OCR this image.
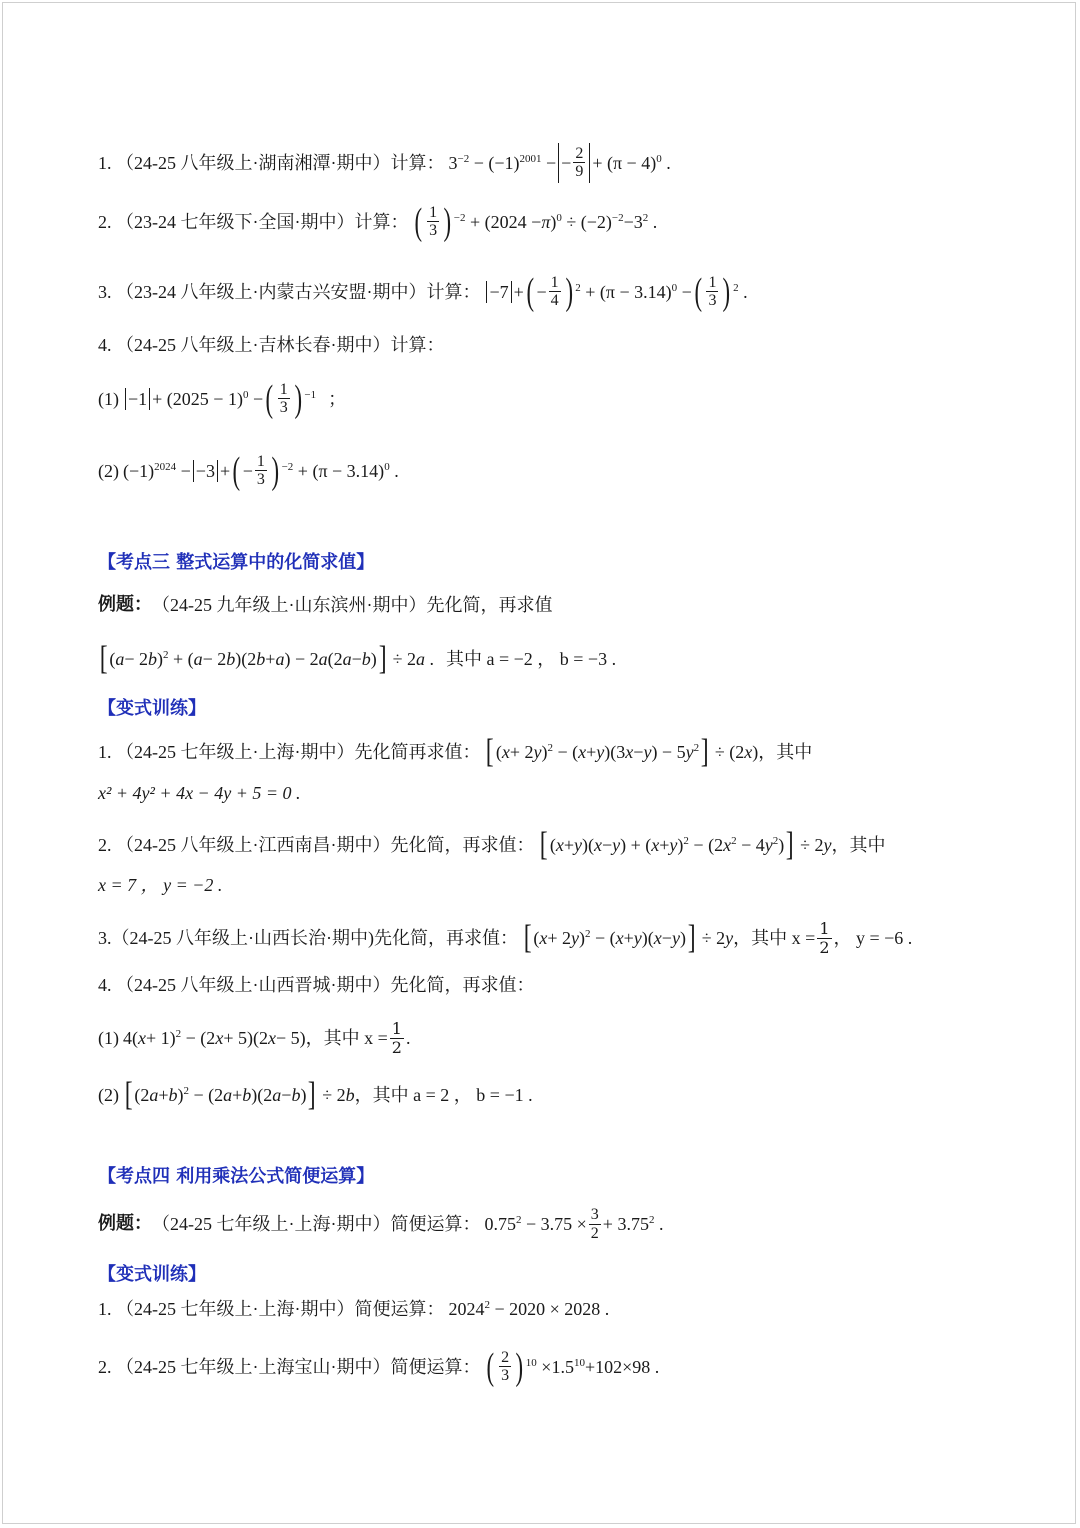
1. （24-25 八年级上·湖南湘潭·期中）计算： $3^{-2} - (-1)^{2001}$ − − $\frac{2}{9} + (\pi - 4)^0$ .
2. （23-24 七年级下·全国·期中）计算： ( $\frac{1}{3} )^{-2} + (2024 - \pi$ )$^0 \div (-2)^{-2} -3^2$ .
3. （23-24 八年级上·内蒙古兴安盟·期中）计算： −7 + ( − $\frac{1}{4} )^2 + (\pi - 3.14)^0$ − ( $\frac{1}{3} )^2$ .
4. （24-25 八年级上·吉林长春·期中）计算：
$(1) -1 + (2025 - 1)^0$ − ( $\frac{1}{3} )^{-1}$ ；
(2) $(-1)^{2024} - -3$ + ( − $\frac{1}{3} )^{-2} + (\pi - 3.14)^0$ .
【考点三 整式运算中的化简求值】
例题： （24-25 九年级上·山东滨州·期中）先化简，再求值
[ ( a − 2 b )$^2$ + ( a − 2 b )(2 b + a ) − 2 a (2 a − b ) ] ÷ 2 a . 其中 a = −2 ， b = −3 .
【变式训练】
1. （24-25 七年级上·上海·期中）先化简再求值： [ ( x + 2 y )$^2$ − ( x + y )(3 x − y ) − 5 $y^2$ ] ÷ (2 x ) ，其中
x² + 4y² + 4x − 4y + 5 = 0 .
2. （24-25 八年级上·江西南昌·期中）先化简，再求值： [ ( x + y )( x − y ) + ( x + y )$^2$ − (2 $x^2 - 4$ $y^2$ ) ] ÷ 2 y ，其中
x = 7 ， y = −2 .
3.（24-25 八年级上·山西长治·期中)先化简，再求值： [ ( x + 2 y )$^2$ − ( x + y )( x − y ) ] ÷ 2 y ，其中 $x = \frac{1}{2}$ ， y = −6 .
4. （24-25 八年级上·山西晋城·期中）先化简，再求值：
(1) 4( x + 1)$^2$ − (2 x + 5)(2 x − 5) ，其中 $x = \frac{1}{2}$ .
(2) [ (2 a + b )$^2$ − (2 a + b )(2 a − b ) ] ÷ 2 b ，其中 a = 2 ， b = −1 .
【考点四 利用乘法公式简便运算】
例题： （24-25 七年级上·上海·期中）简便运算： $0.75^2 - 3.75 \times \frac{3}{2} + 3.75^2$ .
【变式训练】
1. （24-25 七年级上·上海·期中）简便运算： $2024^2 - 2020 \times 2028$ .
2. （24-25 七年级上·上海宝山·期中）简便运算： ( $\frac{2}{3} )^{10} \times 1.5^{10} +102\times 98$ .
